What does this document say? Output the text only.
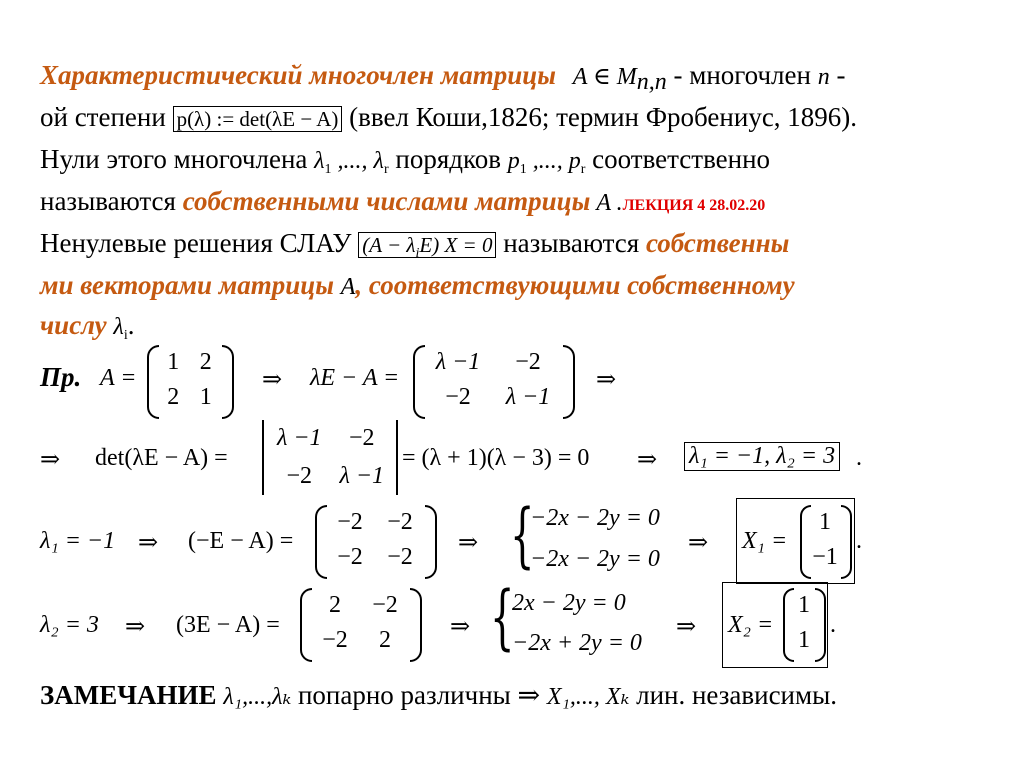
Характеристический многочлен матрицы A ∈ $M_{n,n}$ - многочлен n -
ой степени p(λ) := det(λE − A) (ввел Коши,1826; термин Фробениус, 1896).
Нули этого многочлена $\lambda_1$ ,..., $\lambda_r$ порядков $p_1$ ,..., $p_r$ соответственно
называются собственными числами матрицы A .ЛЕКЦИЯ 4 28.02.20
Ненулевые решения СЛАУ $(A - \lambda_iE)$ X = 0 называются собственны
ми векторами матрицы A, соответствующими собственному
числу $\lambda_i$.
Пр. A =
1 2
2 1
⇒ λE − A =
λ −1 −2
−2 λ −1
⇒
⇒ det(λE − A) =
λ −1 −2
−2 λ −1
= (λ + 1)(λ − 3) = 0 ⇒ λ₁ = −1, λ₂ = 3 .
λ₁ = −1 ⇒ (−E − A) =
−2 −2
−2 −2
⇒ {
−2x − 2y = 0
−2x − 2y = 0
⇒ X₁ =
1
−1
.
λ₂ = 3 ⇒ (3E − A) =
2 −2
−2 2 ⇒ {
2x − 2y = 0
−2x + 2y = 0
⇒ X₂ =
1
1
.
ЗАМЕЧАНИЕ λ₁,...,λₖ попарно различны ⇒ X₁,..., Xₖ лин. независимы.
